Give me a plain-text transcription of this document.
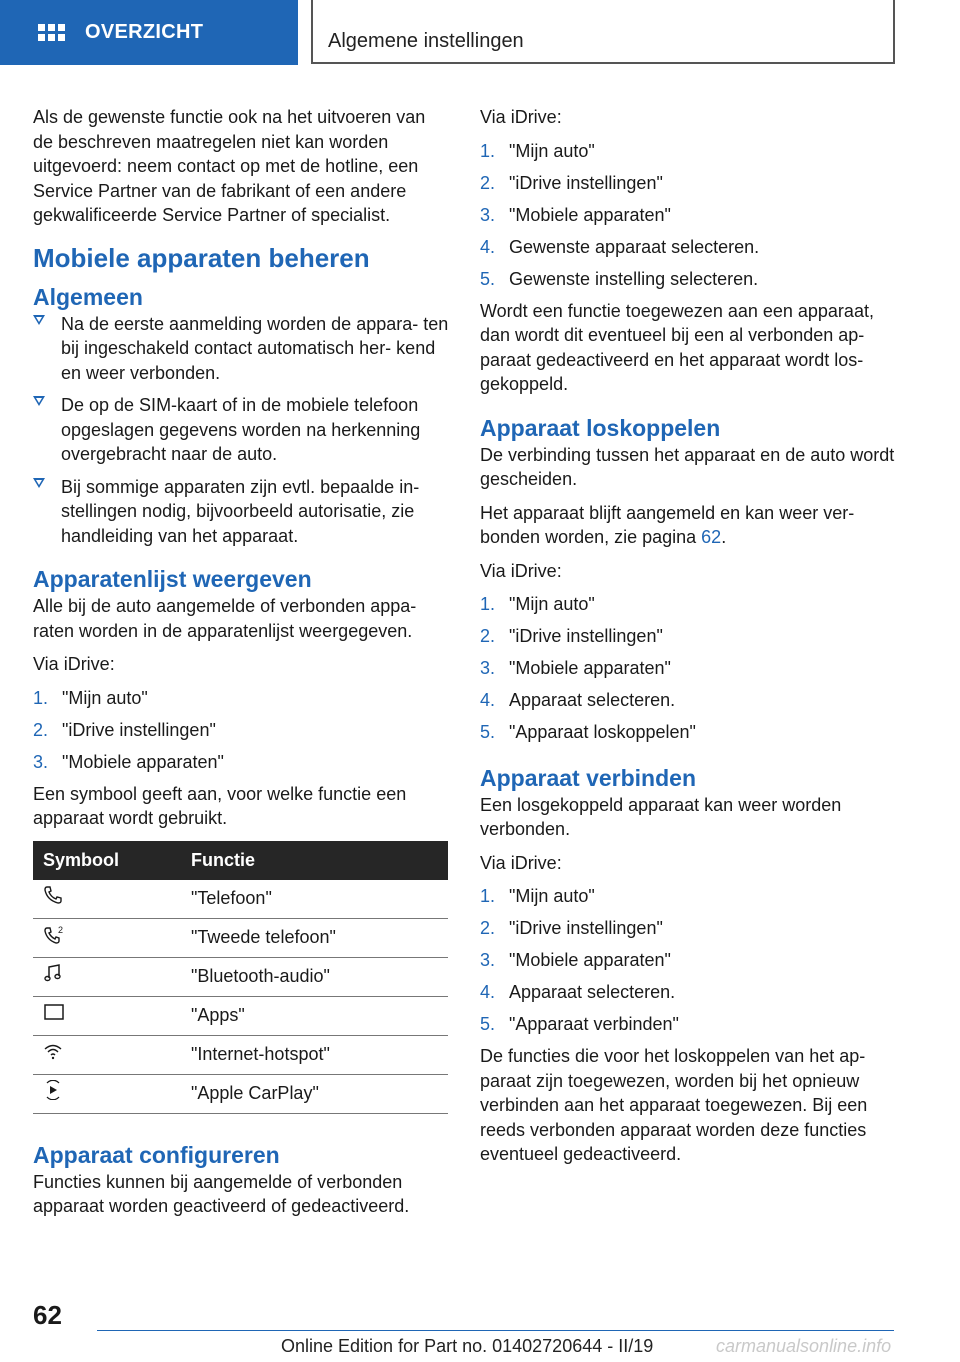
OVERZICHT	Algemene instellingen

Als de gewenste functie ook na het uitvoeren van de beschreven maatregelen niet kan worden uitgevoerd: neem contact op met de hotline, een Service Partner van de fabrikant of een andere gekwalificeerde Service Partner of specialist.

Mobiele apparaten beheren
Algemeen
Na de eerste aanmelding worden de appara‐ ten bij ingeschakeld contact automatisch her‐ kend en weer verbonden.
De op de SIM-kaart of in de mobiele telefoon opgeslagen gegevens worden na herkenning overgebracht naar de auto.
Bij sommige apparaten zijn evtl. bepaalde in‐ stellingen nodig, bijvoorbeeld autorisatie, zie handleiding van het apparaat.
Apparatenlijst weergeven

Alle bij de auto aangemelde of verbonden appa‐ raten worden in de apparatenlijst weergegeven.

Via iDrive:

1. "Mijn auto"
2. "iDrive instellingen"
3. "Mobiele apparaten"

Een symbool geeft aan, voor welke functie een apparaat wordt gebruikt.

Symbool	Functie
	"Telefoon"

2	"Tweede telefoon"
	"Bluetooth-audio"
	"Apps"
	"Internet-hotspot"
	"Apple CarPlay"
Apparaat configureren

Functies kunnen bij aangemelde of verbonden apparaat worden geactiveerd of gedeactiveerd.

Via iDrive:

1. "Mijn auto"
2. "iDrive instellingen"
3. "Mobiele apparaten"
4. Gewenste apparaat selecteren.
5. Gewenste instelling selecteren.

Wordt een functie toegewezen aan een apparaat, dan wordt dit eventueel bij een al verbonden ap‐ paraat gedeactiveerd en het apparaat wordt los‐ gekoppeld.

Apparaat loskoppelen

De verbinding tussen het apparaat en de auto wordt gescheiden.

Het apparaat blijft aangemeld en kan weer ver‐ bonden worden, zie pagina 62.

Via iDrive:

1. "Mijn auto"
2. "iDrive instellingen"
3. "Mobiele apparaten"
4. Apparaat selecteren.
5. "Apparaat loskoppelen"
Apparaat verbinden

Een losgekoppeld apparaat kan weer worden verbonden.

Via iDrive:

1. "Mijn auto"
2. "iDrive instellingen"
3. "Mobiele apparaten"
4. Apparaat selecteren.
5. "Apparaat verbinden"

De functies die voor het loskoppelen van het ap‐ paraat zijn toegewezen, worden bij het opnieuw verbinden aan het apparaat toegewezen. Bij een reeds verbonden apparaat worden deze functies eventueel gedeactiveerd.

62
Online Edition for Part no. 01402720644 - II/19	carmanualsonline.info
